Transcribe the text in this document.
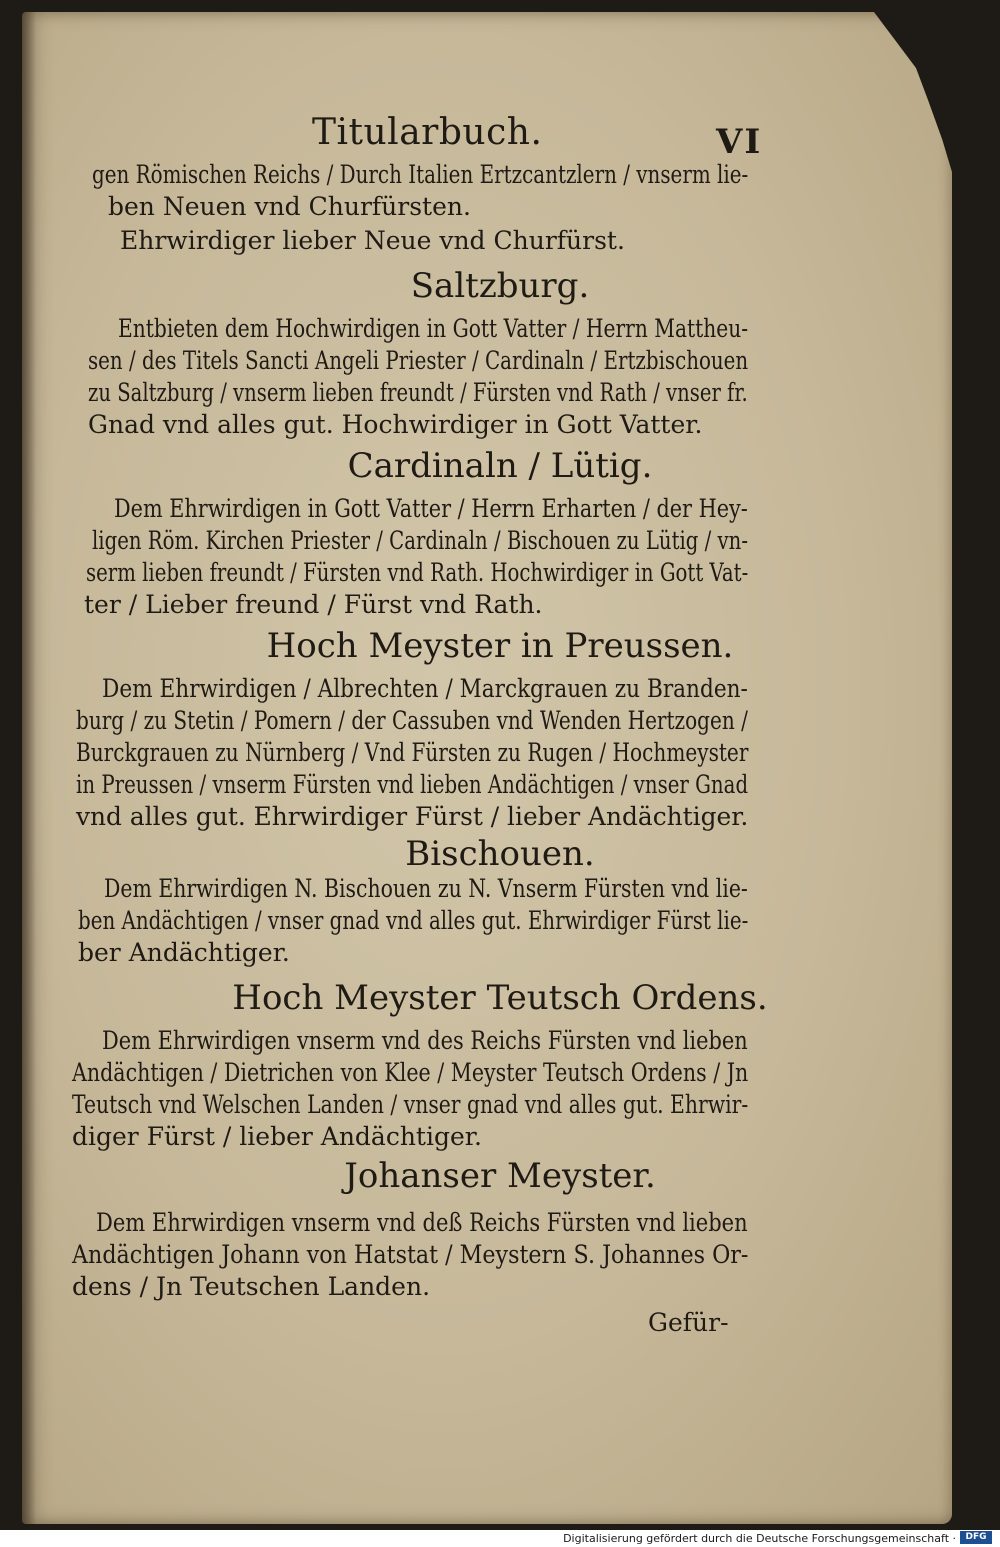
Titularbuch.	VI
gen Römischen Reichs / Durch Italien Ertzcantzlern / vnserm lie-
ben Neuen vnd Churfürsten.
Ehrwirdiger lieber Neue vnd Churfürst.
Saltzburg.
Entbieten dem Hochwirdigen in Gott Vatter / Herrn Mattheu-
sen / des Titels Sancti Angeli Priester / Cardinaln / Ertzbischouen
zu Saltzburg / vnserm lieben freundt / Fürsten vnd Rath / vnser fr.
Gnad vnd alles gut. Hochwirdiger in Gott Vatter.
Cardinaln / Lütig.
Dem Ehrwirdigen in Gott Vatter / Herrn Erharten / der Hey-
ligen Röm. Kirchen Priester / Cardinaln / Bischouen zu Lütig / vn-
serm lieben freundt / Fürsten vnd Rath. Hochwirdiger in Gott Vat-
ter / Lieber freund / Fürst vnd Rath.
Hoch Meyster in Preussen.
Dem Ehrwirdigen / Albrechten / Marckgrauen zu Branden-
burg / zu Stetin / Pomern / der Cassuben vnd Wenden Hertzogen /
Burckgrauen zu Nürnberg / Vnd Fürsten zu Rugen / Hochmeyster
in Preussen / vnserm Fürsten vnd lieben Andächtigen / vnser Gnad
vnd alles gut. Ehrwirdiger Fürst / lieber Andächtiger.
Bischouen.
Dem Ehrwirdigen N. Bischouen zu N. Vnserm Fürsten vnd lie-
ben Andächtigen / vnser gnad vnd alles gut. Ehrwirdiger Fürst lie-
ber Andächtiger.
Hoch Meyster Teutsch Ordens.
Dem Ehrwirdigen vnserm vnd des Reichs Fürsten vnd lieben
Andächtigen / Dietrichen von Klee / Meyster Teutsch Ordens / Jn
Teutsch vnd Welschen Landen / vnser gnad vnd alles gut. Ehrwir-
diger Fürst / lieber Andächtiger.
Johanser Meyster.
Dem Ehrwirdigen vnserm vnd deß Reichs Fürsten vnd lieben
Andächtigen Johann von Hatstat / Meystern S. Johannes Or-
dens / Jn Teutschen Landen.
Gefür-
Digitalisierung gefördert durch die Deutsche Forschungsgemeinschaft ·	DFG
